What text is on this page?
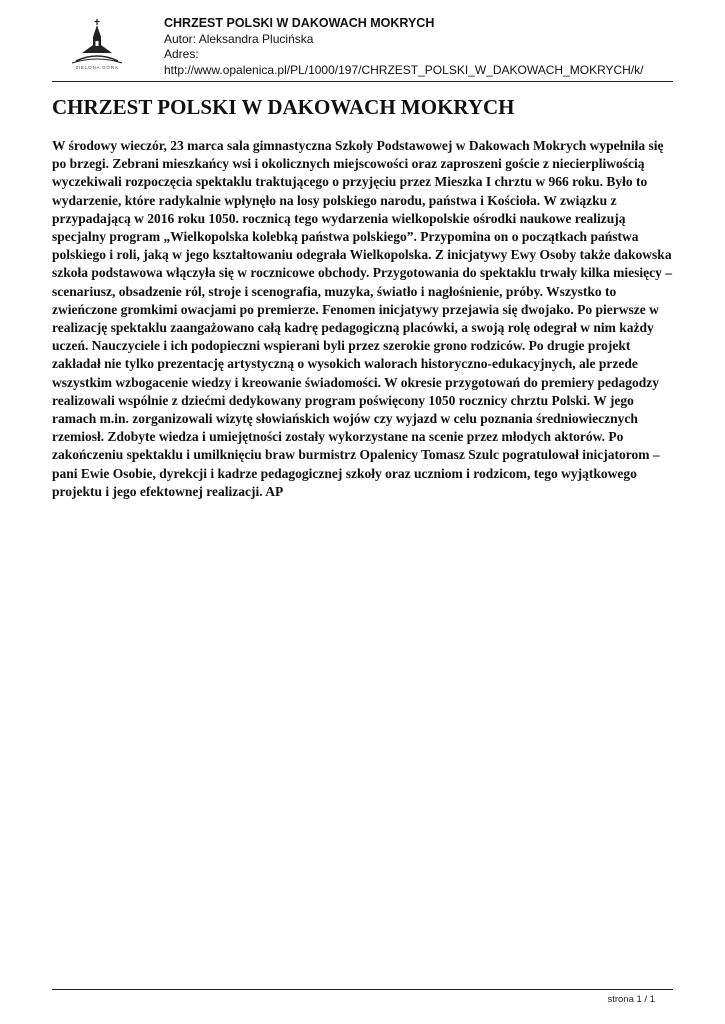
ZIELONA GÓRA
CHRZEST POLSKI W DAKOWACH MOKRYCH
Autor: Aleksandra Plucińska
Adres:
http://www.opalenica.pl/PL/1000/197/CHRZEST_POLSKI_W_DAKOWACH_MOKRYCH/k/
CHRZEST POLSKI W DAKOWACH MOKRYCH

W środowy wieczór, 23 marca sala gimnastyczna Szkoły Podstawowej w Dakowach Mokrych wypełniła się po brzegi. Zebrani mieszkańcy wsi i okolicznych miejscowości oraz zaproszeni goście z niecierpliwością wyczekiwali rozpoczęcia spektaklu traktującego o przyjęciu przez Mieszka I chrztu w 966 roku. Było to wydarzenie, które radykalnie wpłynęło na losy polskiego narodu, państwa i Kościoła. W związku z przypadającą w 2016 roku 1050. rocznicą tego wydarzenia wielkopolskie ośrodki naukowe realizują specjalny program „Wielkopolska kolebką państwa polskiego”. Przypomina on o początkach państwa polskiego i roli, jaką w jego kształtowaniu odegrała Wielkopolska. Z inicjatywy Ewy Osoby także dakowska szkoła podstawowa włączyła się w rocznicowe obchody. Przygotowania do spektaklu trwały kilka miesięcy – scenariusz, obsadzenie ról, stroje i scenografia, muzyka, światło i nagłośnienie, próby. Wszystko to zwieńczone gromkimi owacjami po premierze. Fenomen inicjatywy przejawia się dwojako. Po pierwsze w realizację spektaklu zaangażowano całą kadrę pedagogiczną placówki, a swoją rolę odegrał w nim każdy uczeń. Nauczyciele i ich podopieczni wspierani byli przez szerokie grono rodziców. Po drugie projekt zakładał nie tylko prezentację artystyczną o wysokich walorach historyczno-edukacyjnych, ale przede wszystkim wzbogacenie wiedzy i kreowanie świadomości. W okresie przygotowań do premiery pedagodzy realizowali wspólnie z dziećmi dedykowany program poświęcony 1050 rocznicy chrztu Polski. W jego ramach m.in. zorganizowali wizytę słowiańskich wojów czy wyjazd w celu poznania średniowiecznych rzemiosł. Zdobyte wiedza i umiejętności zostały wykorzystane na scenie przez młodych aktorów. Po zakończeniu spektaklu i umilknięciu braw burmistrz Opalenicy Tomasz Szulc pogratulował inicjatorom – pani Ewie Osobie, dyrekcji i kadrze pedagogicznej szkoły oraz uczniom i rodzicom, tego wyjątkowego projektu i jego efektownej realizacji. AP

strona 1 / 1
